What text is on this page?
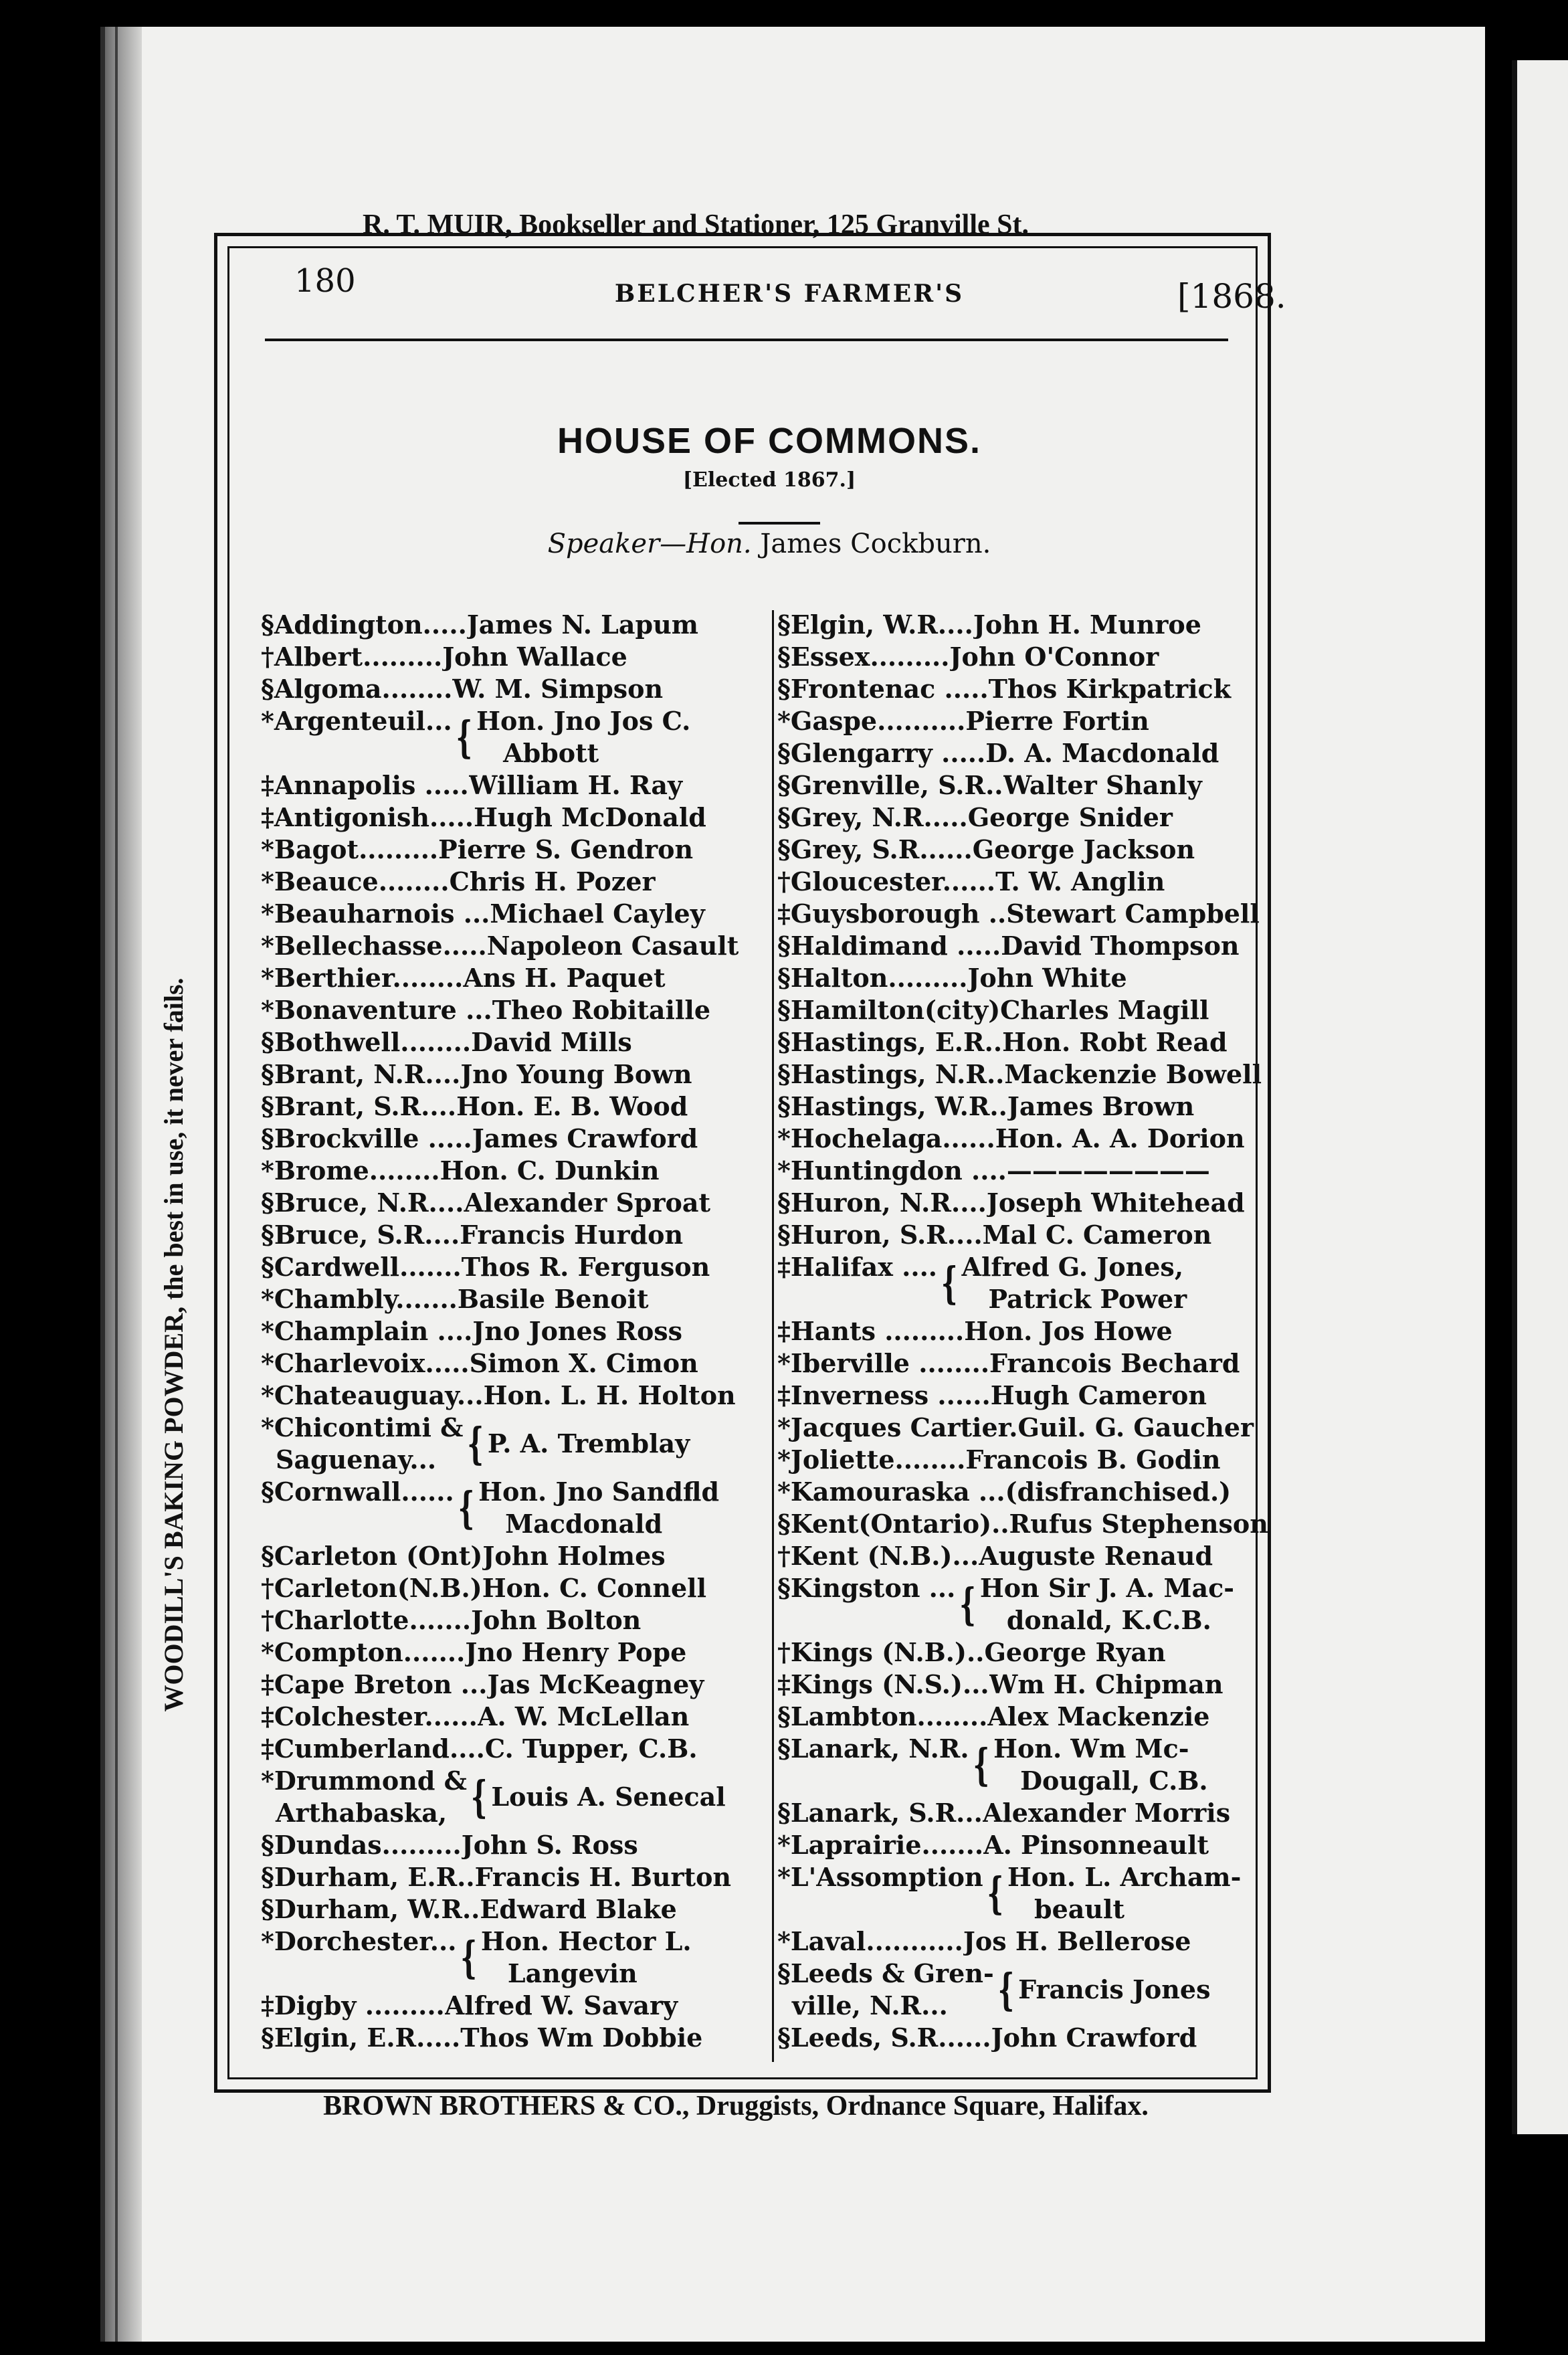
R. T. MUIR, Bookseller and Stationer, 125 Granville St.
WOODILL'S BAKING POWDER, the best in use, it never fails.
180	BELCHER'S FARMER'S	[1868.
HOUSE OF COMMONS.
[Elected 1867.]
Speaker—Hon. James Cockburn.
§Addington..... James N. Lapum
†Albert......... John Wallace
§Algoma........ W. M. Simpson
*Argenteuil... { Hon. Jno Jos C.
Abbott
‡Annapolis ..... William H. Ray
‡Antigonish..... Hugh McDonald
*Bagot......... Pierre S. Gendron
*Beauce........ Chris H. Pozer
*Beauharnois ... Michael Cayley
*Bellechasse..... Napoleon Casault
*Berthier........ Ans H. Paquet
*Bonaventure ... Theo Robitaille
§Bothwell........ David Mills
§Brant, N.R.... Jno Young Bown
§Brant, S.R.... Hon. E. B. Wood
§Brockville ..... James Crawford
*Brome........ Hon. C. Dunkin
§Bruce, N.R.... Alexander Sproat
§Bruce, S.R.... Francis Hurdon
§Cardwell....... Thos R. Ferguson
*Chambly....... Basile Benoit
*Champlain .... Jno Jones Ross
*Charlevoix..... Simon X. Cimon
*Chateauguay... Hon. L. H. Holton
*Chicontimi &
Saguenay...	{ P. A. Tremblay
§Cornwall...... { Hon. Jno Sandfld
Macdonald
§Carleton (Ont) John Holmes
†Carleton(N.B.) Hon. C. Connell
†Charlotte....... John Bolton
*Compton....... Jno Henry Pope
‡Cape Breton ... Jas McKeagney
‡Colchester...... A. W. McLellan
‡Cumberland.... C. Tupper, C.B.
*Drummond &
Arthabaska, { Louis A. Senecal
§Dundas......... John S. Ross
§Durham, E.R.. Francis H. Burton
§Durham, W.R.. Edward Blake
*Dorchester... { Hon. Hector L.
Langevin
‡Digby ......... Alfred W. Savary
§Elgin, E.R..... Thos Wm Dobbie
§Elgin, W.R.... John H. Munroe
§Essex......... John O'Connor
§Frontenac ..... Thos Kirkpatrick
*Gaspe.......... Pierre Fortin
§Glengarry ..... D. A. Macdonald
§Grenville, S.R.. Walter Shanly
§Grey, N.R..... George Snider
§Grey, S.R...... George Jackson
†Gloucester...... T. W. Anglin
‡Guysborough .. Stewart Campbell
§Haldimand ..... David Thompson
§Halton......... John White
§Hamilton(city) Charles Magill
§Hastings, E.R.. Hon. Robt Read
§Hastings, N.R.. Mackenzie Bowell
§Hastings, W.R.. James Brown
*Hochelaga...... Hon. A. A. Dorion
*Huntingdon .... ————————
§Huron, N.R.... Joseph Whitehead
§Huron, S.R.... Mal C. Cameron
‡Halifax .... { Alfred G. Jones,
Patrick Power
‡Hants ......... Hon. Jos Howe
*Iberville ........ Francois Bechard
‡Inverness ...... Hugh Cameron
*Jacques Cartier. Guil. G. Gaucher
*Joliette........ Francois B. Godin
*Kamouraska ... (disfranchised.)
§Kent(Ontario).. Rufus Stephenson
†Kent (N.B.)... Auguste Renaud
§Kingston ... { Hon Sir J. A. Mac-
donald, K.C.B.
†Kings (N.B.).. George Ryan
‡Kings (N.S.)... Wm H. Chipman
§Lambton........ Alex Mackenzie
§Lanark, N.R. { Hon. Wm Mc-
Dougall, C.B.
§Lanark, S.R... Alexander Morris
*Laprairie....... A. Pinsonneault
*L'Assomption { Hon. L. Archam-
beault
*Laval........... Jos H. Bellerose
§Leeds & Gren-
ville, N.R...	{ Francis Jones
§Leeds, S.R...... John Crawford
BROWN BROTHERS & CO., Druggists, Ordnance Square, Halifax.
